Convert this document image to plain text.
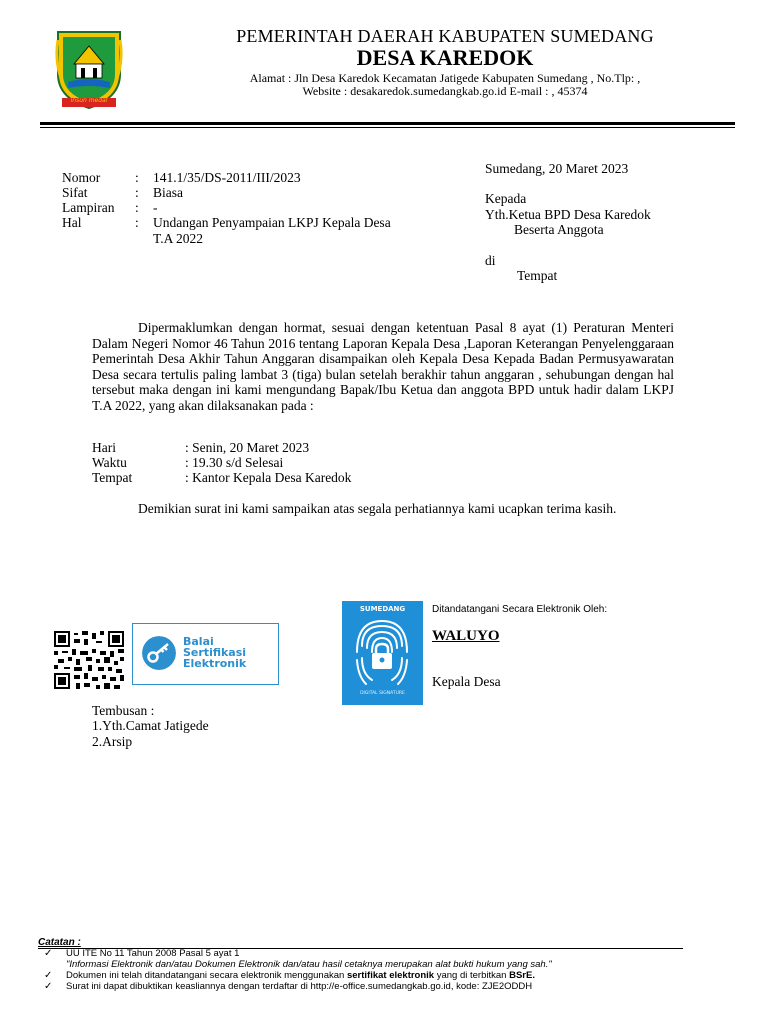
insun medal
PEMERINTAH DAERAH KABUPATEN SUMEDANG
DESA KAREDOK
Alamat : Jln Desa Karedok Kecamatan Jatigede Kabupaten Sumedang , No.Tlp: ,
Website : desakaredok.sumedangkab.go.id E-mail : , 45374
Nomor	: 141.1/35/DS-2011/III/2023
Sifat	: Biasa
Lampiran : -
Hal	: Undangan Penyampaian LKPJ Kepala Desa T.A 2022
Sumedang, 20 Maret 2023
Kepada
Yth.Ketua BPD Desa Karedok
Beserta Anggota
di
Tempat
Dipermaklumkan dengan hormat, sesuai dengan ketentuan Pasal 8 ayat (1) Peraturan Menteri Dalam Negeri Nomor 46 Tahun 2016 tentang Laporan Kepala Desa ,Laporan Keterangan Penyelenggaraan Pemerintah Desa Akhir Tahun Anggaran disampaikan oleh Kepala Desa Kepada Badan Permusyawaratan Desa secara tertulis paling lambat 3 (tiga) bulan setelah berakhir tahun anggaran , sehubungan dengan hal tersebut maka dengan ini kami mengundang Bapak/Ibu Ketua dan anggota BPD untuk hadir dalam LKPJ T.A 2022, yang akan dilaksanakan pada :
Hari	: Senin, 20 Maret 2023
Waktu	: 19.30 s/d Selesai
Tempat	: Kantor Kepala Desa Karedok
Demikian surat ini kami sampaikan atas segala perhatiannya kami ucapkan terima kasih.
Balai
Sertifikasi
Elektronik
SUMEDANG
DIGITAL SIGNATURE
Ditandatangani Secara Elektronik Oleh:
WALUYO
Kepala Desa
Tembusan :
1.Yth.Camat Jatigede
2.Arsip
Catatan :
✓ UU ITE No 11 Tahun 2008 Pasal 5 ayat 1
"Informasi Elektronik dan/atau Dokumen Elektronik dan/atau hasil cetaknya merupakan alat bukti hukum yang sah."
✓ Dokumen ini telah ditandatangani secara elektronik menggunakan sertifikat elektronik yang di terbitkan BSrE.
✓ Surat ini dapat dibuktikan keasliannya dengan terdaftar di http://e-office.sumedangkab.go.id, kode: ZJE2ODDH
